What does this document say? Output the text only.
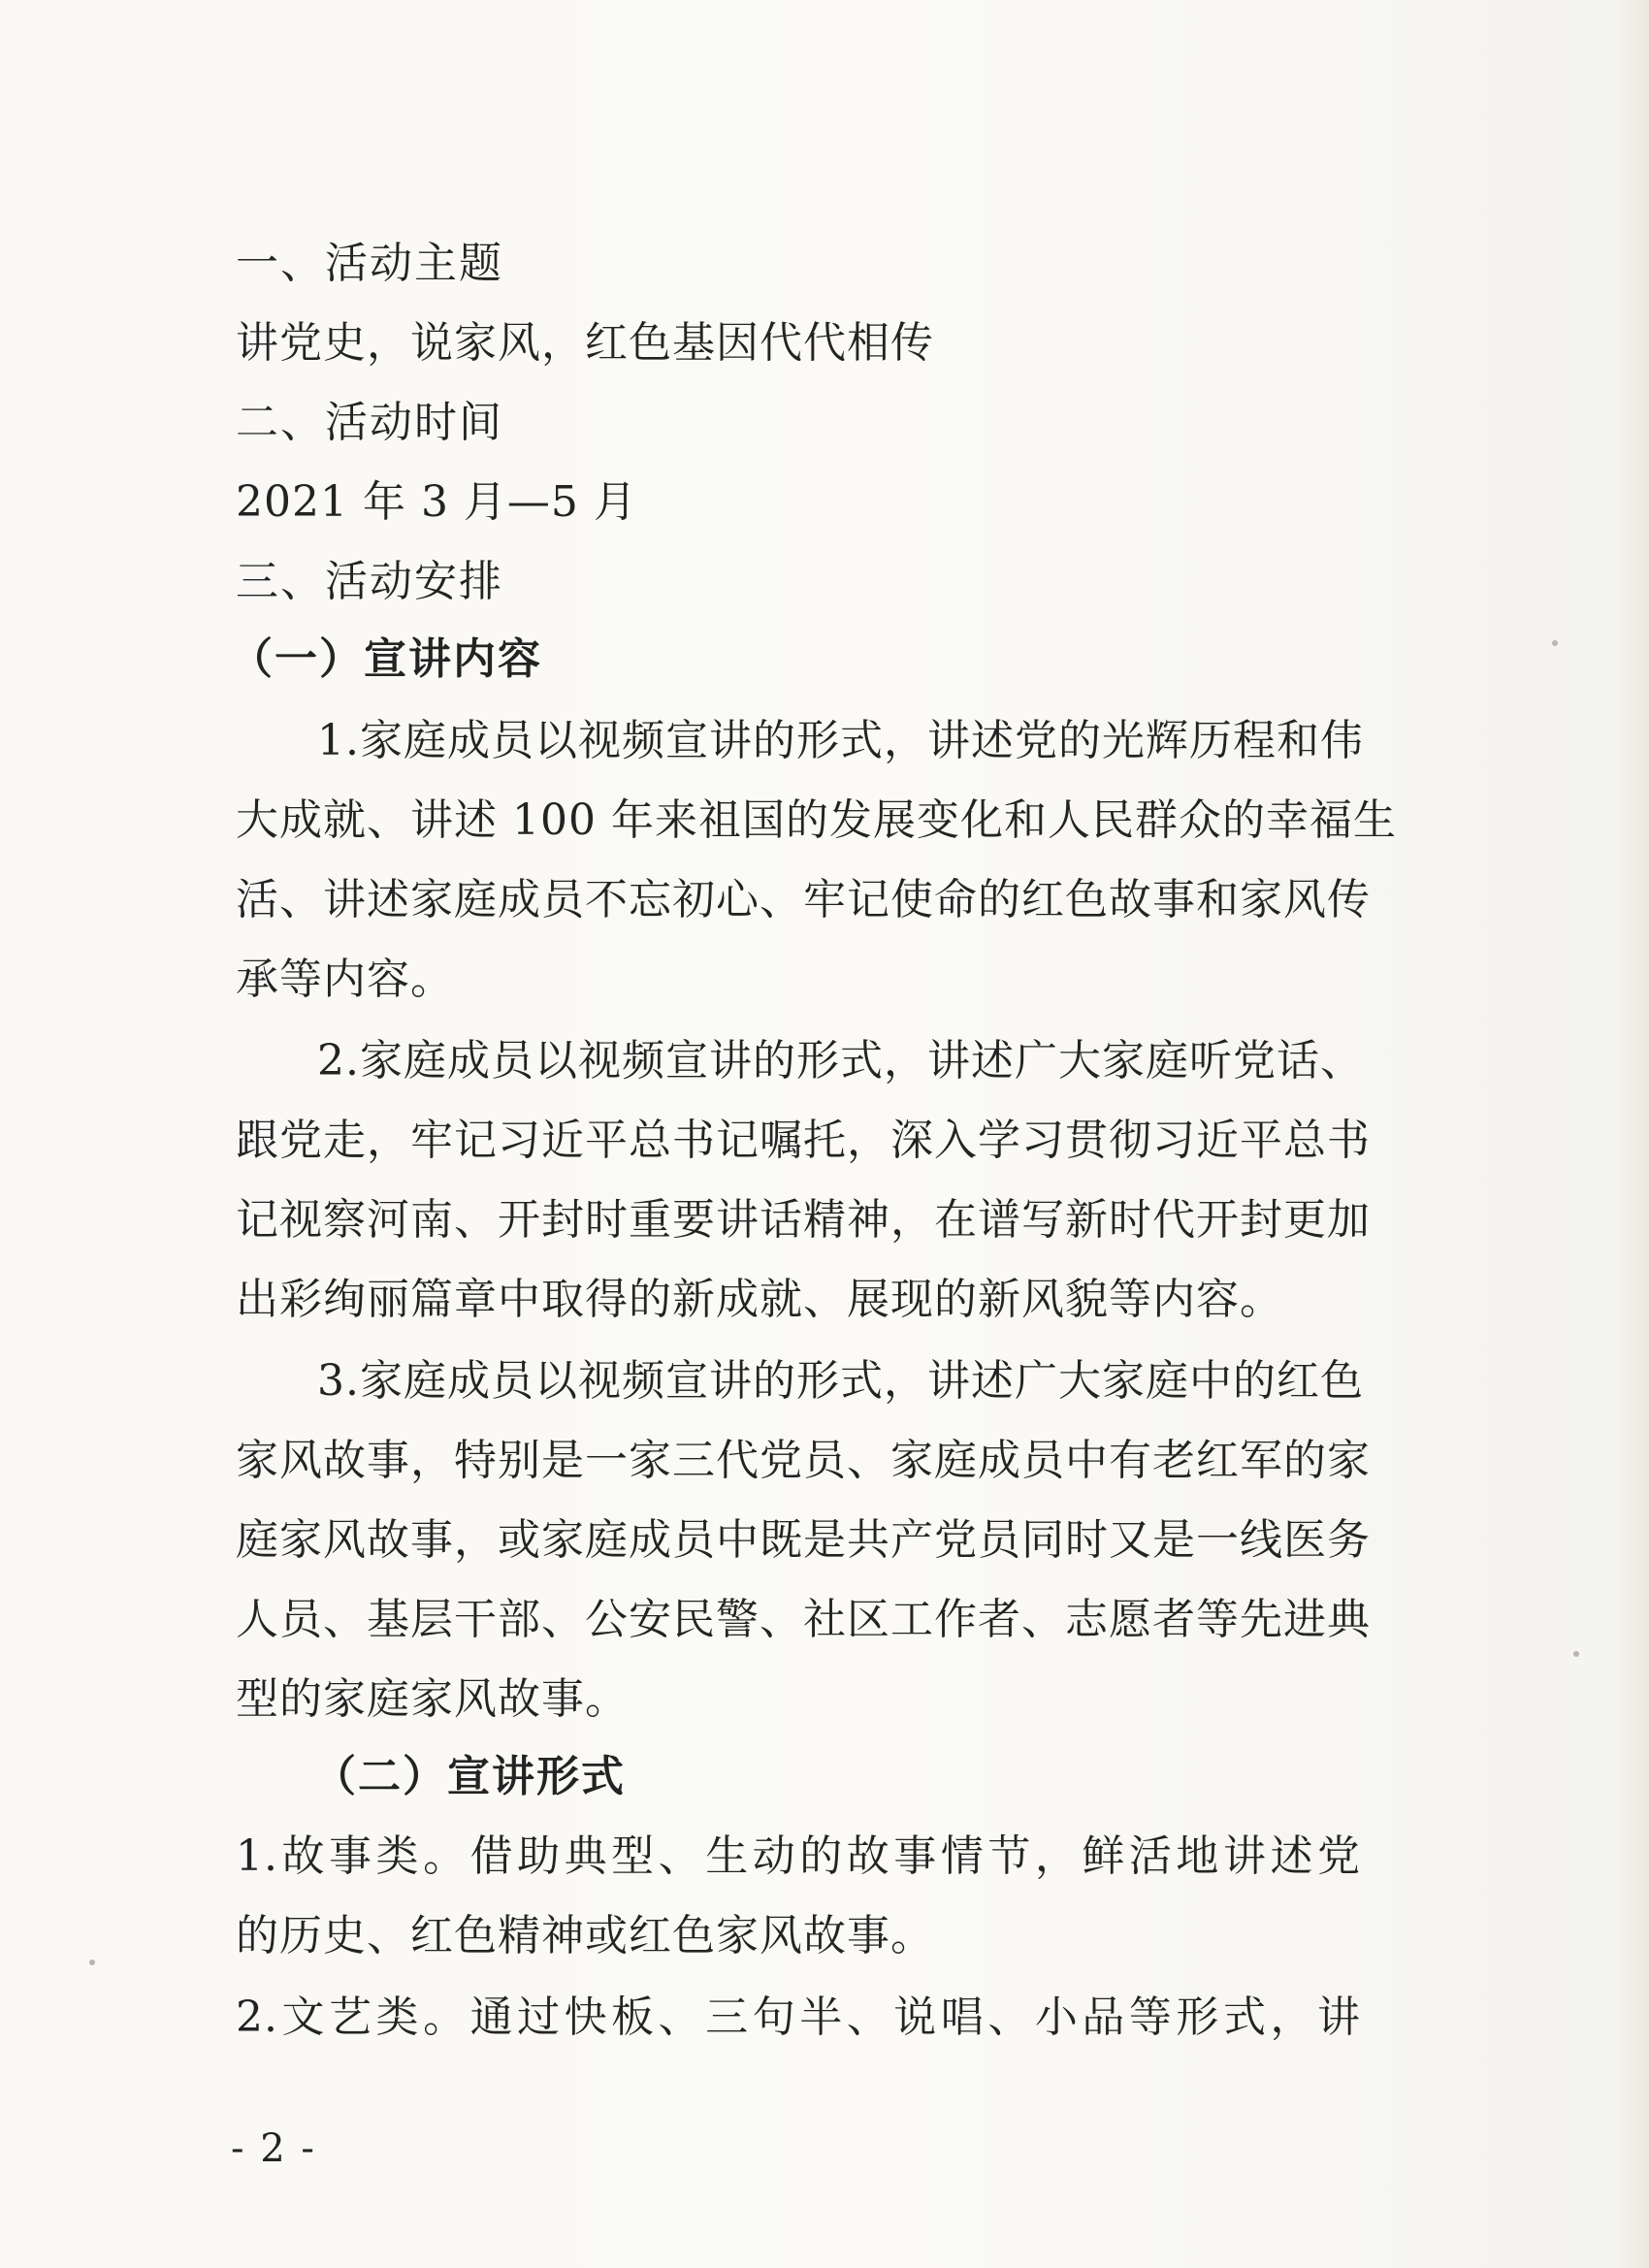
一、活动主题
讲党史，说家风，红色基因代代相传
二、活动时间
2021 年 3 月—5 月
三、活动安排
（一）宣讲内容
1.家庭成员以视频宣讲的形式，讲述党的光辉历程和伟
大成就、讲述 100 年来祖国的发展变化和人民群众的幸福生
活、讲述家庭成员不忘初心、牢记使命的红色故事和家风传
承等内容。
2.家庭成员以视频宣讲的形式，讲述广大家庭听党话、
跟党走，牢记习近平总书记嘱托，深入学习贯彻习近平总书
记视察河南、开封时重要讲话精神，在谱写新时代开封更加
出彩绚丽篇章中取得的新成就、展现的新风貌等内容。
3.家庭成员以视频宣讲的形式，讲述广大家庭中的红色
家风故事，特别是一家三代党员、家庭成员中有老红军的家
庭家风故事，或家庭成员中既是共产党员同时又是一线医务
人员、基层干部、公安民警、社区工作者、志愿者等先进典
型的家庭家风故事。
（二）宣讲形式
1.故事类。借助典型、生动的故事情节，鲜活地讲述党
的历史、红色精神或红色家风故事。
2.文艺类。通过快板、三句半、说唱、小品等形式，讲
- 2 -
